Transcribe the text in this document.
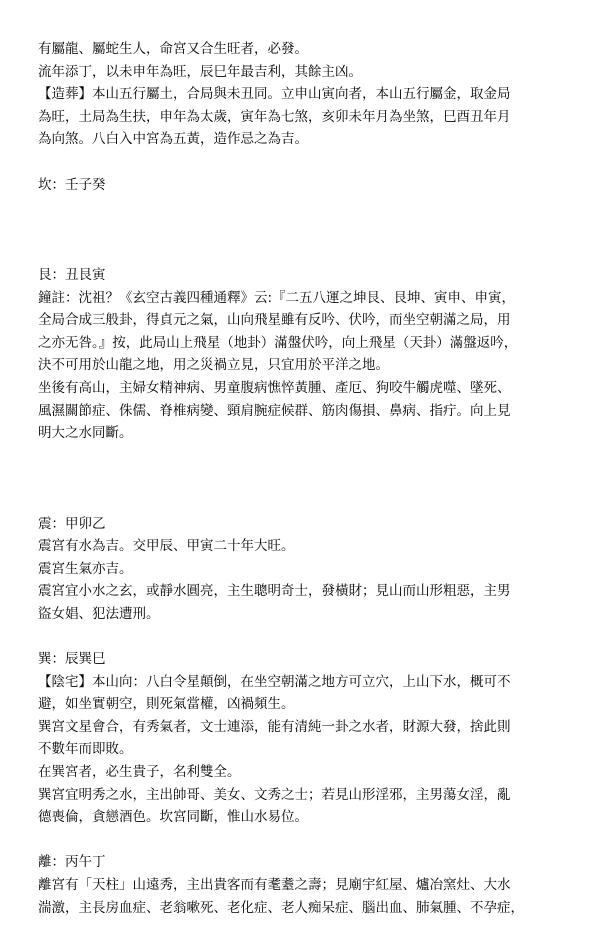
有屬龍、屬蛇生人，命宮又合生旺者，必發。
流年添丁，以未申年為旺，辰巳年最吉利，其餘主凶。
【造葬】本山五行屬土，合局與未丑同。立申山寅向者，本山五行屬金，取金局
為旺，土局為生扶，申年為太歲，寅年為七煞，亥卯未年月為坐煞，巳酉丑年月
為向煞。八白入中宮為五黃，造作忌之為吉。
坎：壬子癸
艮：丑艮寅
鐘註：沈祖？《玄空古義四種通釋》云:『二五八運之坤艮、艮坤、寅申、申寅，
全局合成三般卦，得貞元之氣，山向飛星雖有反吟、伏吟，而坐空朝滿之局，用
之亦无咎。』按，此局山上飛星（地卦）滿盤伏吟，向上飛星（天卦）滿盤返吟，
決不可用於山龍之地，用之災禍立見，只宜用於平洋之地。
坐後有高山，主婦女精神病、男童腹病憔悴黃腫、產厄、狗咬牛觸虎噬、墜死、
風濕關節症、侏儒、脊椎病變、頸肩腕症候群、筋肉傷損、鼻病、指疔。向上見
明大之水同斷。
震：甲卯乙
震宮有水為吉。交甲辰、甲寅二十年大旺。
震宮生氣亦吉。
震宮宜小水之玄，或靜水圓亮，主生聰明奇士，發橫財；見山而山形粗惡，主男
盜女娼、犯法遭刑。
巽：辰巽巳
【陰宅】本山向：八白令星顛倒，在坐空朝滿之地方可立穴，上山下水，概可不
避，如坐實朝空，則死氣當權，凶禍頻生。
巽宮文星會合，有秀氣者，文士連添，能有清純一卦之水者，財源大發，捨此則
不數年而即敗。
在巽宮者，必生貴子，名利雙全。
巽宮宜明秀之水，主出帥哥、美女、文秀之士；若見山形淫邪，主男蕩女淫，亂
德喪倫，貪戀酒色。坎宮同斷，惟山水易位。
離：丙午丁
離宮有「天柱」山遠秀，主出貴客而有耄耋之壽；見廟宇紅屋、爐冶窯灶、大水
湍激，主長房血症、老翁嗽死、老化症、老人痴呆症、腦出血、肺氣腫、不孕症，
